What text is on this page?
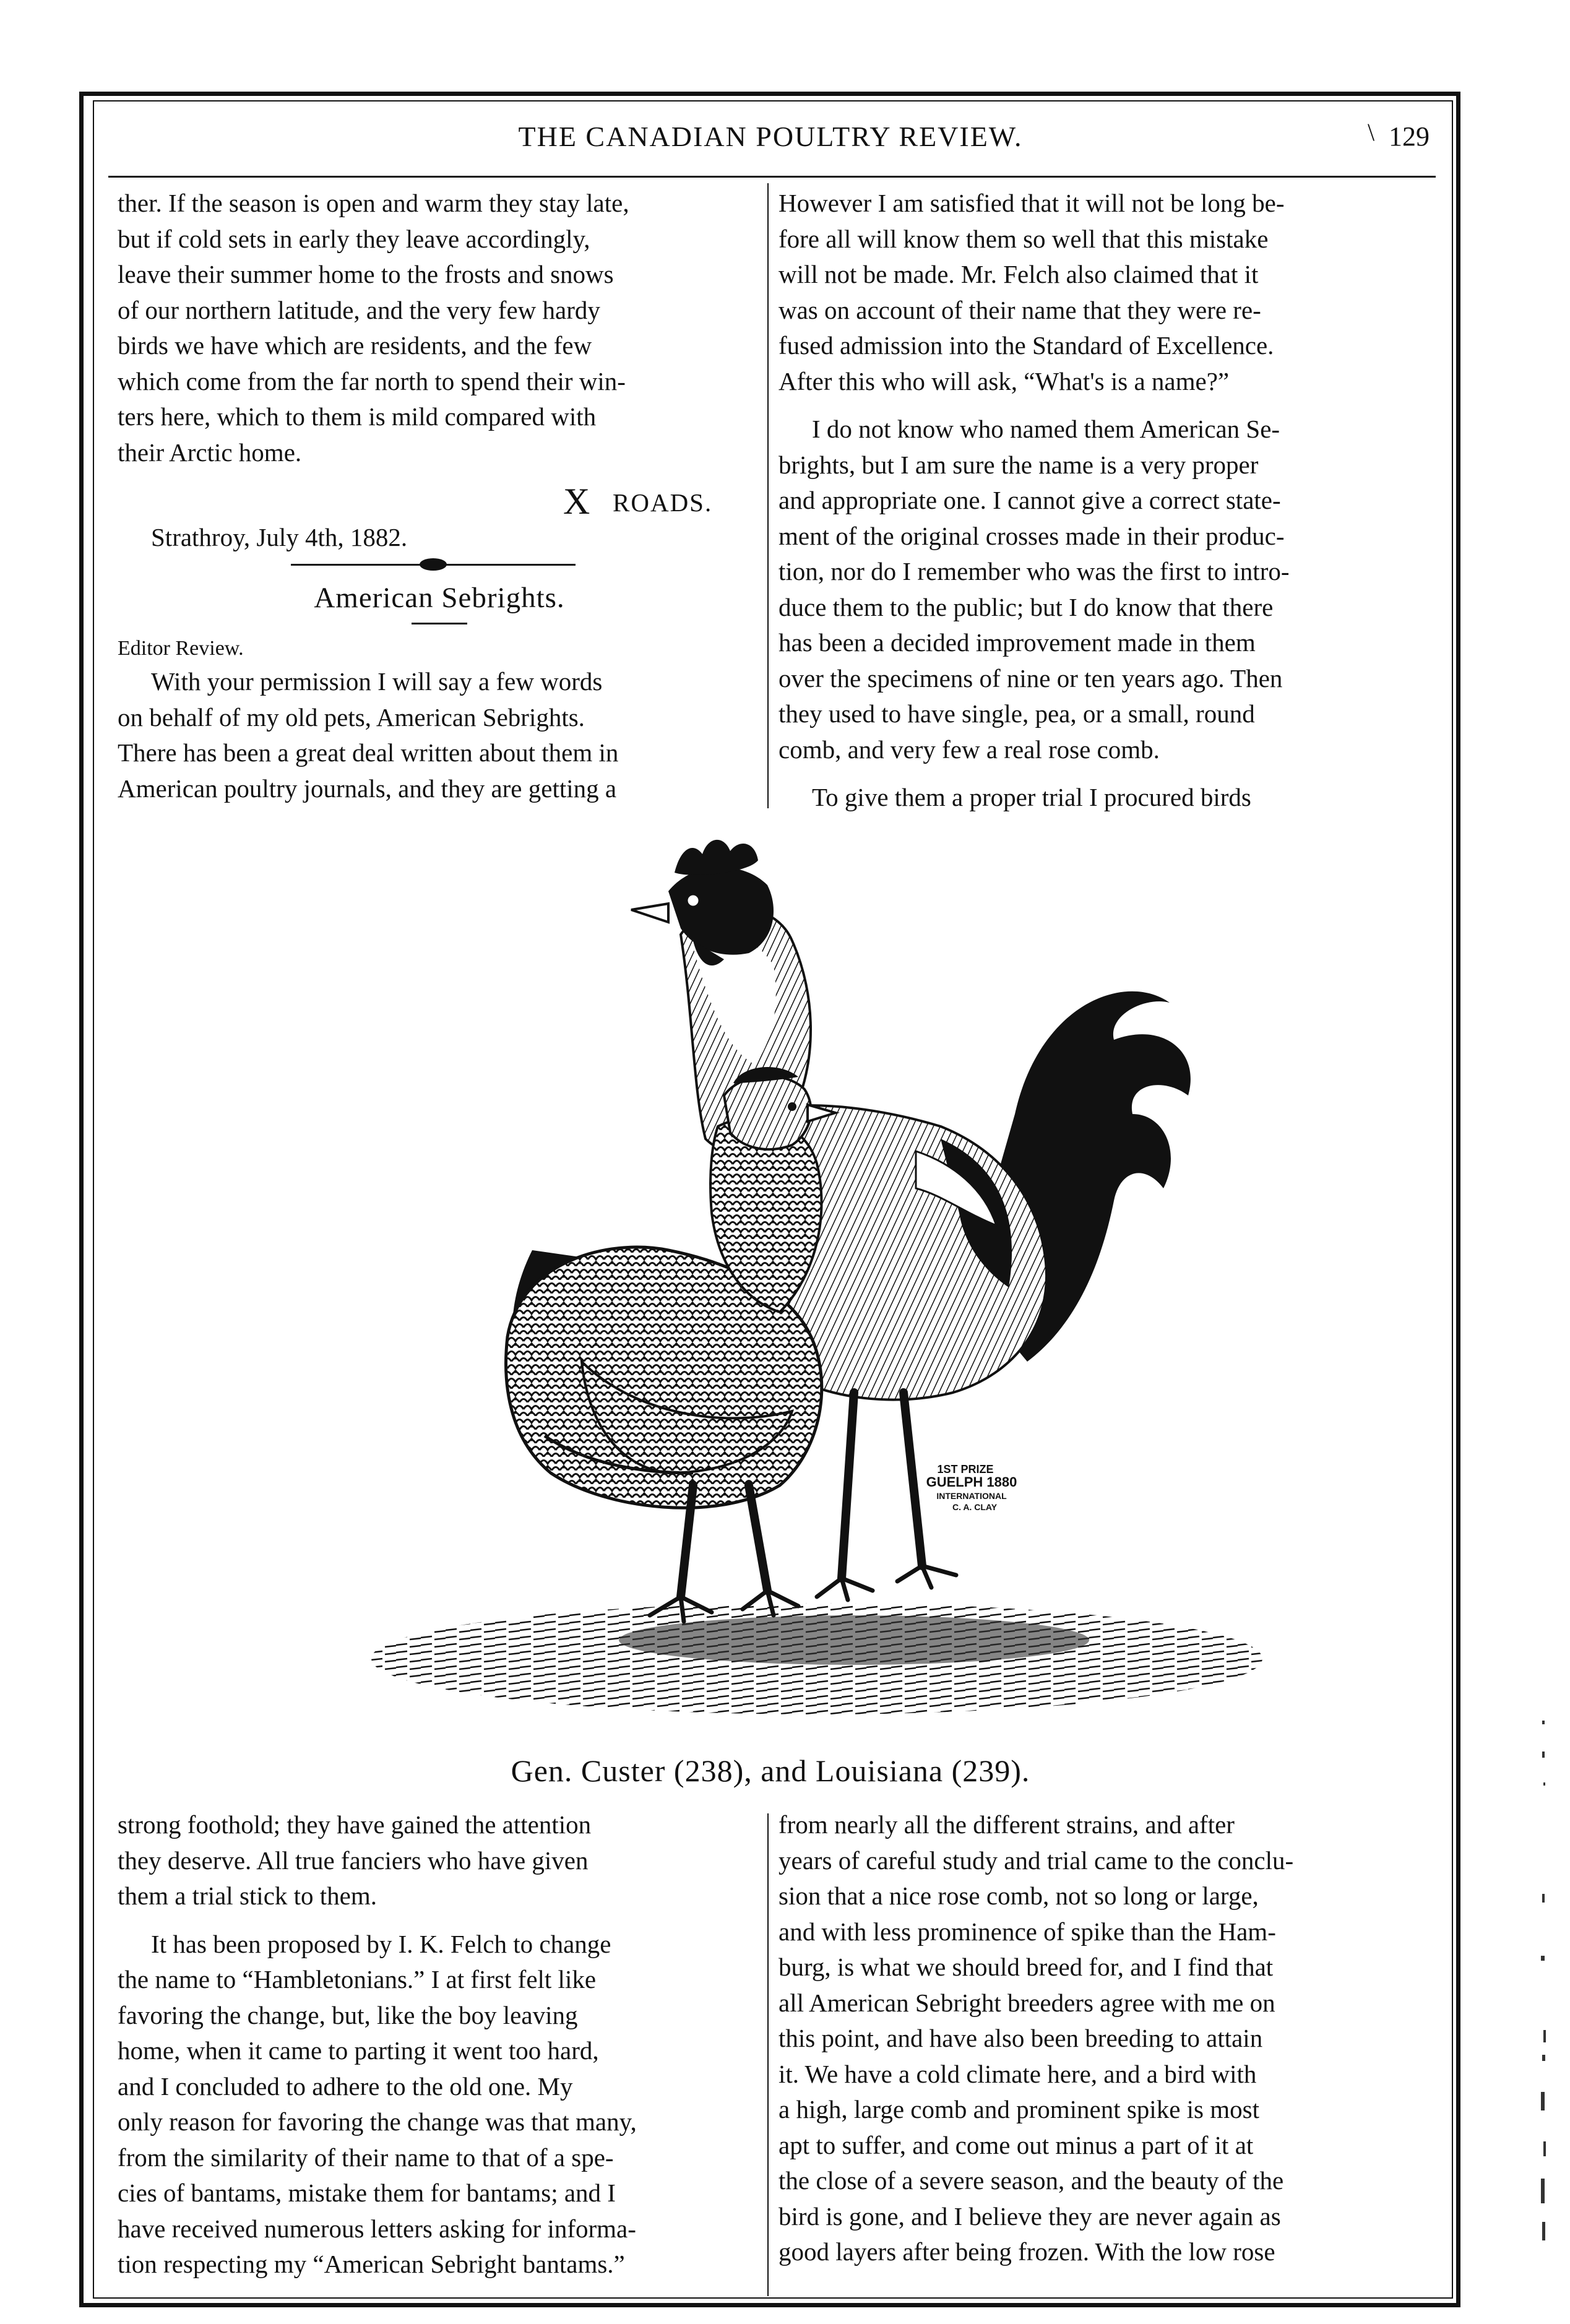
THE CANADIAN POULTRY REVIEW.	\ 129

ther. If the season is open and warm they stay late,

but if cold sets in early they leave accordingly,

leave their summer home to the frosts and snows

of our northern latitude, and the very few hardy

birds we have which are residents, and the few

which come from the far north to spend their win-

ters here, which to them is mild compared with

their Arctic home.

X ROADS.
Strathroy, July 4th, 1882.
American Sebrights.
Editor Review.

With your permission I will say a few words

on behalf of my old pets, American Sebrights.

There has been a great deal written about them in

American poultry journals, and they are getting a

However I am satisfied that it will not be long be-

fore all will know them so well that this mistake

will not be made. Mr. Felch also claimed that it

was on account of their name that they were re-

fused admission into the Standard of Excellence.

After this who will ask, “What's is a name?”

I do not know who named them American Se-

brights, but I am sure the name is a very proper

and appropriate one. I cannot give a correct state-

ment of the original crosses made in their produc-

tion, nor do I remember who was the first to intro-

duce them to the public; but I do know that there

has been a decided improvement made in them

over the specimens of nine or ten years ago. Then

they used to have single, pea, or a small, round

comb, and very few a real rose comb.

To give them a proper trial I procured birds

1ST PRIZE
GUELPH 1880
INTERNATIONAL
C. A. CLAY
Gen. Custer (238), and Louisiana (239).

strong foothold; they have gained the attention

they deserve. All true fanciers who have given

them a trial stick to them.

It has been proposed by I. K. Felch to change

the name to “Hambletonians.” I at first felt like

favoring the change, but, like the boy leaving

home, when it came to parting it went too hard,

and I concluded to adhere to the old one. My

only reason for favoring the change was that many,

from the similarity of their name to that of a spe-

cies of bantams, mistake them for bantams; and I

have received numerous letters asking for informa-

tion respecting my “American Sebright bantams.”

from nearly all the different strains, and after

years of careful study and trial came to the conclu-

sion that a nice rose comb, not so long or large,

and with less prominence of spike than the Ham-

burg, is what we should breed for, and I find that

all American Sebright breeders agree with me on

this point, and have also been breeding to attain

it. We have a cold climate here, and a bird with

a high, large comb and prominent spike is most

apt to suffer, and come out minus a part of it at

the close of a severe season, and the beauty of the

bird is gone, and I believe they are never again as

good layers after being frozen. With the low rose
